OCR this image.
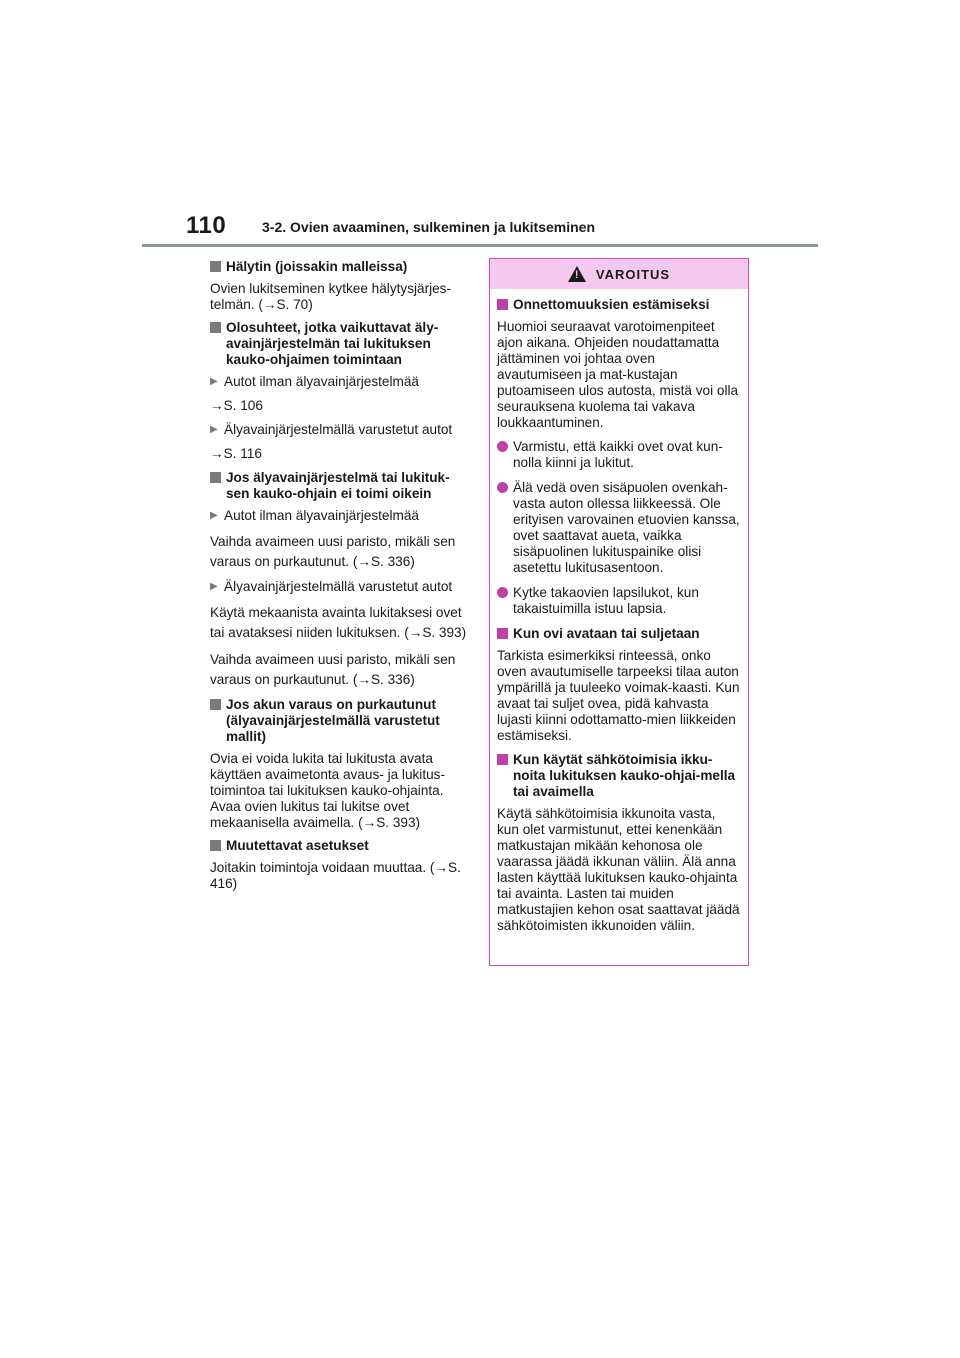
110	3-2. Ovien avaaminen, sulkeminen ja lukitseminen
Hälytin (joissakin malleissa)

Ovien lukitseminen kytkee hälytysjärjes-telmän. (→S. 70)

Olosuhteet, jotka vaikuttavat äly-avainjärjestelmän tai lukituksen kauko-ohjaimen toimintaan
▶ Autot ilman älyavainjärjestelmää
→S. 106
▶ Älyavainjärjestelmällä varustetut autot
→S. 116
Jos älyavainjärjestelmä tai lukituk-sen kauko-ohjain ei toimi oikein
▶ Autot ilman älyavainjärjestelmää

Vaihda avaimeen uusi paristo, mikäli sen varaus on purkautunut. (→S. 336)

▶ Älyavainjärjestelmällä varustetut autot

Käytä mekaanista avainta lukitaksesi ovet tai avataksesi niiden lukituksen. (→S. 393)

Vaihda avaimeen uusi paristo, mikäli sen varaus on purkautunut. (→S. 336)

Jos akun varaus on purkautunut (älyavainjärjestelmällä varustetut mallit)

Ovia ei voida lukita tai lukitusta avata käyttäen avaimetonta avaus- ja lukitus-toimintoa tai lukituksen kauko-ohjainta. Avaa ovien lukitus tai lukitse ovet mekaanisella avaimella. (→S. 393)

Muutettavat asetukset

Joitakin toimintoja voidaan muuttaa. (→S. 416)

! VAROITUS
Onnettomuuksien estämiseksi

Huomioi seuraavat varotoimenpiteet ajon aikana. Ohjeiden noudattamatta jättäminen voi johtaa oven avautumiseen ja mat-kustajan putoamiseen ulos autosta, mistä voi olla seurauksena kuolema tai vakava loukkaantuminen.

Varmistu, että kaikki ovet ovat kun-nolla kiinni ja lukitut.
Älä vedä oven sisäpuolen ovenkah-vasta auton ollessa liikkeessä. Ole erityisen varovainen etuovien kanssa, ovet saattavat aueta, vaikka sisäpuolinen lukituspainike olisi asetettu lukitusasentoon.
Kytke takaovien lapsilukot, kun takaistuimilla istuu lapsia.
Kun ovi avataan tai suljetaan

Tarkista esimerkiksi rinteessä, onko oven avautumiselle tarpeeksi tilaa auton ympärillä ja tuuleeko voimak-kaasti. Kun avaat tai suljet ovea, pidä kahvasta lujasti kiinni odottamatto-mien liikkeiden estämiseksi.

Kun käytät sähkötoimisia ikku-noita lukituksen kauko-ohjai-mella tai avaimella

Käytä sähkötoimisia ikkunoita vasta, kun olet varmistunut, ettei kenenkään matkustajan mikään kehonosa ole vaarassa jäädä ikkunan väliin. Älä anna lasten käyttää lukituksen kauko-ohjainta tai avainta. Lasten tai muiden matkustajien kehon osat saattavat jäädä sähkötoimisten ikkunoiden väliin.
